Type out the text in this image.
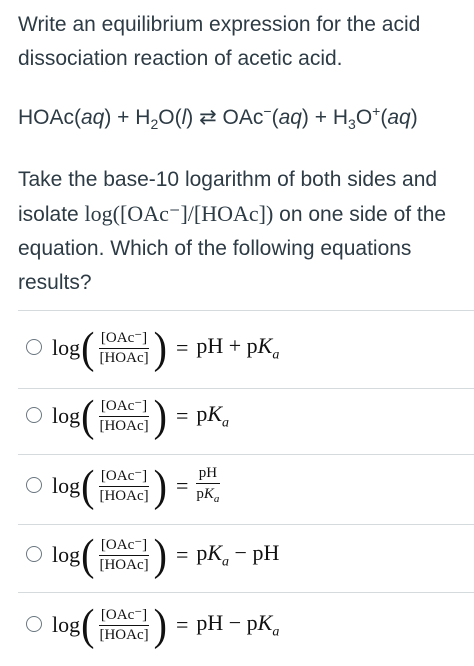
Write an equilibrium expression for the acid dissociation reaction of acetic acid.

HOAc(aq) + $H_2O(l)$ ⇄ $OAc^-(aq) + H_3O^+(aq)$

Take the base-10 logarithm of both sides and isolate log([OAc⁻]/[HOAc]) on one side of the equation. Which of the following equations results?

log ( $\frac{\text{[OAc⁻]}}{\text{[HOAc]}}$ ) = pH + $pK_a$
log ( $\frac{\text{[OAc⁻]}}{\text{[HOAc]}}$ ) = $pK_a$
log ( $\frac{\text{[OAc⁻]}}{\text{[HOAc]}}$ ) = $\frac{pH}{pK_a}$
log ( $\frac{\text{[OAc⁻]}}{\text{[HOAc]}}$ ) = $pK_a$ − pH
log ( $\frac{\text{[OAc⁻]}}{\text{[HOAc]}}$ ) = pH − $pK_a$
